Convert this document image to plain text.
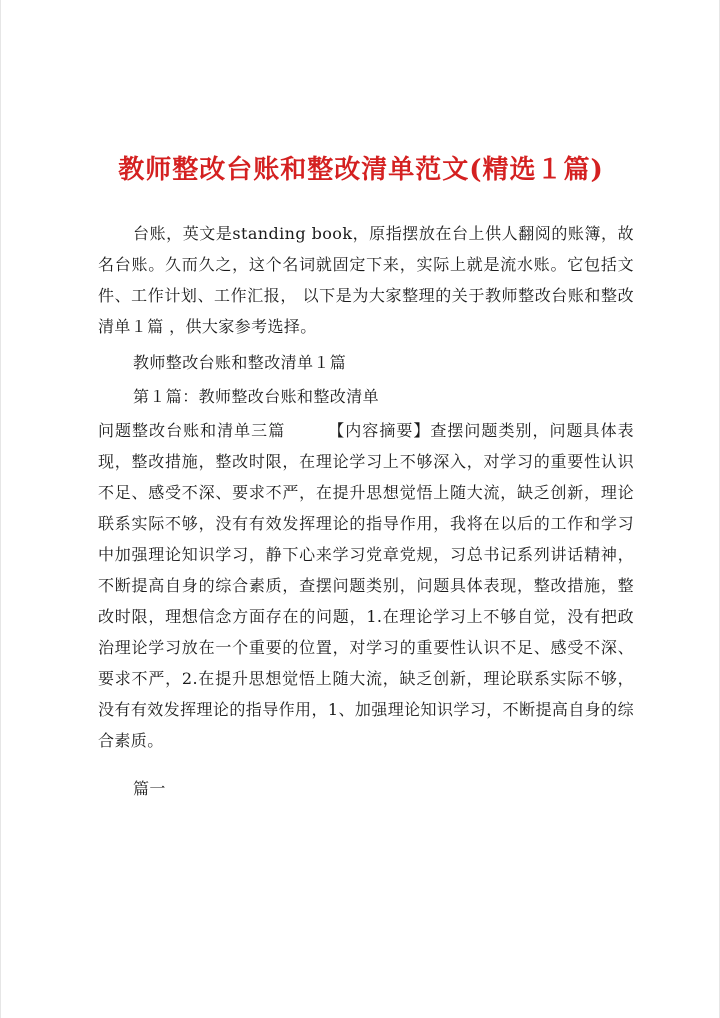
教师整改台账和整改清单范文(精选１篇)

台账，英文是standing book，原指摆放在台上供人翻阅的账簿，故名台账。久而久之，这个名词就固定下来，实际上就是流水账。它包括文件、工作计划、工作汇报， 以下是为大家整理的关于教师整改台账和整改清单１篇 ，供大家参考选择。

教师整改台账和整改清单１篇

第１篇：教师整改台账和整改清单

问题整改台账和清单三篇　　　【内容摘要】查摆问题类别，问题具体表现，整改措施，整改时限，在理论学习上不够深入，对学习的重要性认识不足、感受不深、要求不严，在提升思想觉悟上随大流，缺乏创新，理论联系实际不够，没有有效发挥理论的指导作用，我将在以后的工作和学习中加强理论知识学习，静下心来学习党章党规，习总书记系列讲话精神，不断提高自身的综合素质，查摆问题类别，问题具体表现，整改措施，整改时限，理想信念方面存在的问题，1.在理论学习上不够自觉，没有把政治理论学习放在一个重要的位置，对学习的重要性认识不足、感受不深、要求不严，2.在提升思想觉悟上随大流，缺乏创新，理论联系实际不够，没有有效发挥理论的指导作用，1、加强理论知识学习，不断提高自身的综合素质。

篇一
